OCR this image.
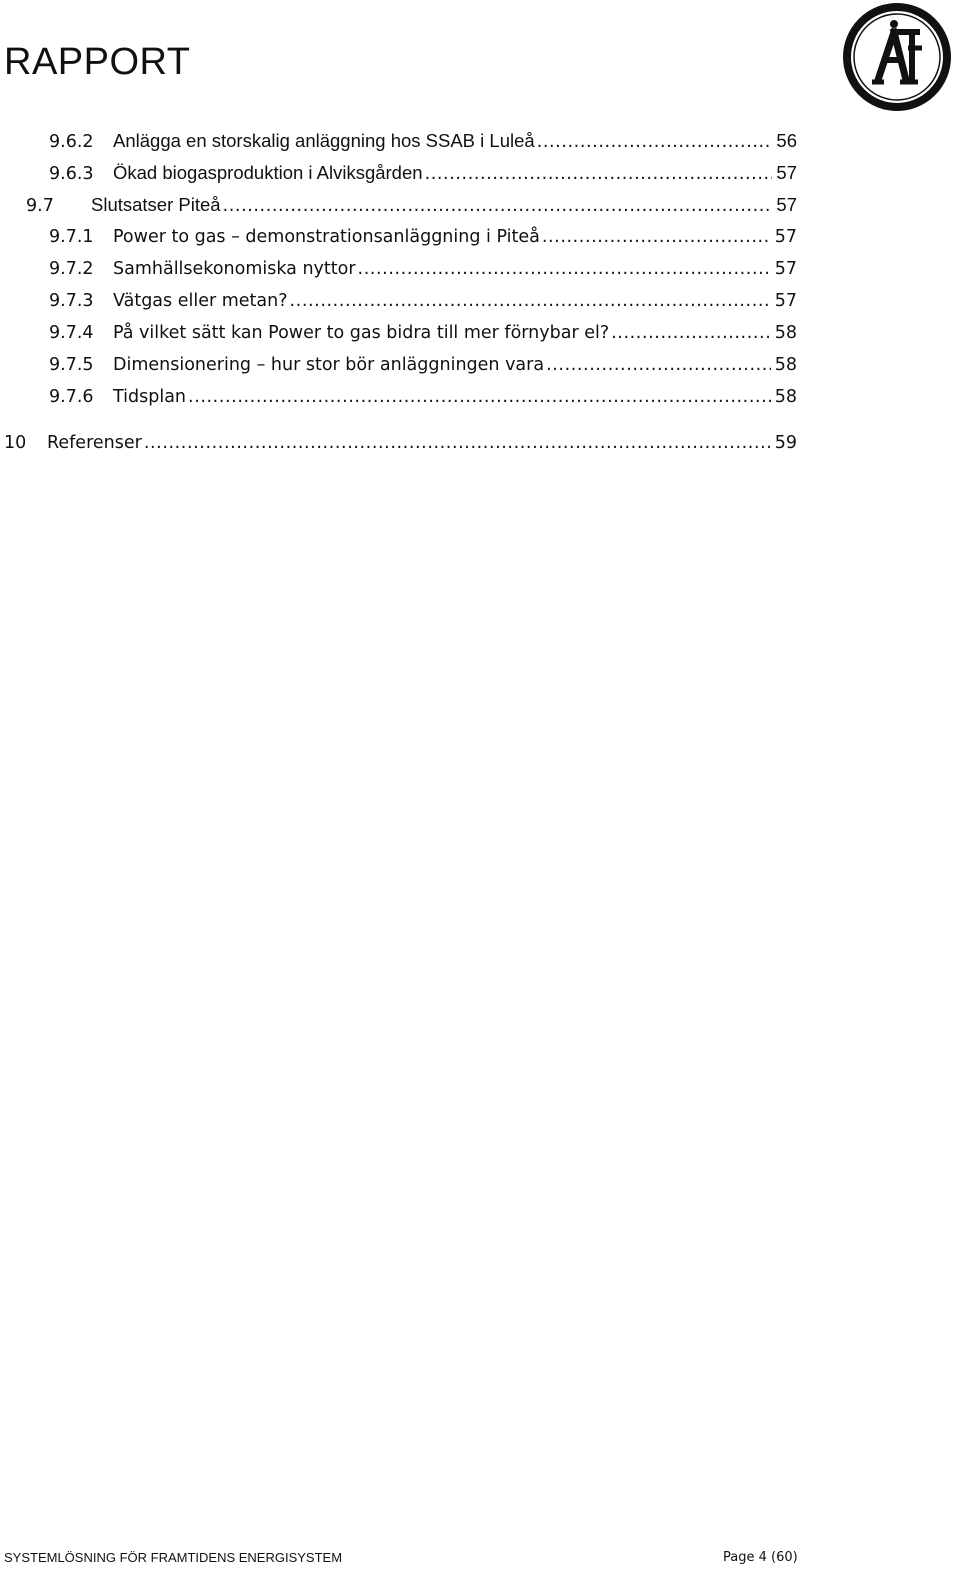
RAPPORT
9.6.2	Anlägga en storskalig anläggning hos SSAB i Luleå .....	56
9.6.3	Ökad biogasproduktion i Alviksgården .....	57
9.7	Slutsatser Piteå .....	57
9.7.1	Power to gas – demonstrationsanläggning i Piteå .....	57
9.7.2	Samhällsekonomiska nyttor .....	57
9.7.3	Vätgas eller metan? .....	57
9.7.4	På vilket sätt kan Power to gas bidra till mer förnybar el? .....	58
9.7.5	Dimensionering – hur stor bör anläggningen vara .....	58
9.7.6	Tidsplan .....	58
10	Referenser .....	59
SYSTEMLÖSNING FÖR FRAMTIDENS ENERGISYSTEM	Page 4 (60)
